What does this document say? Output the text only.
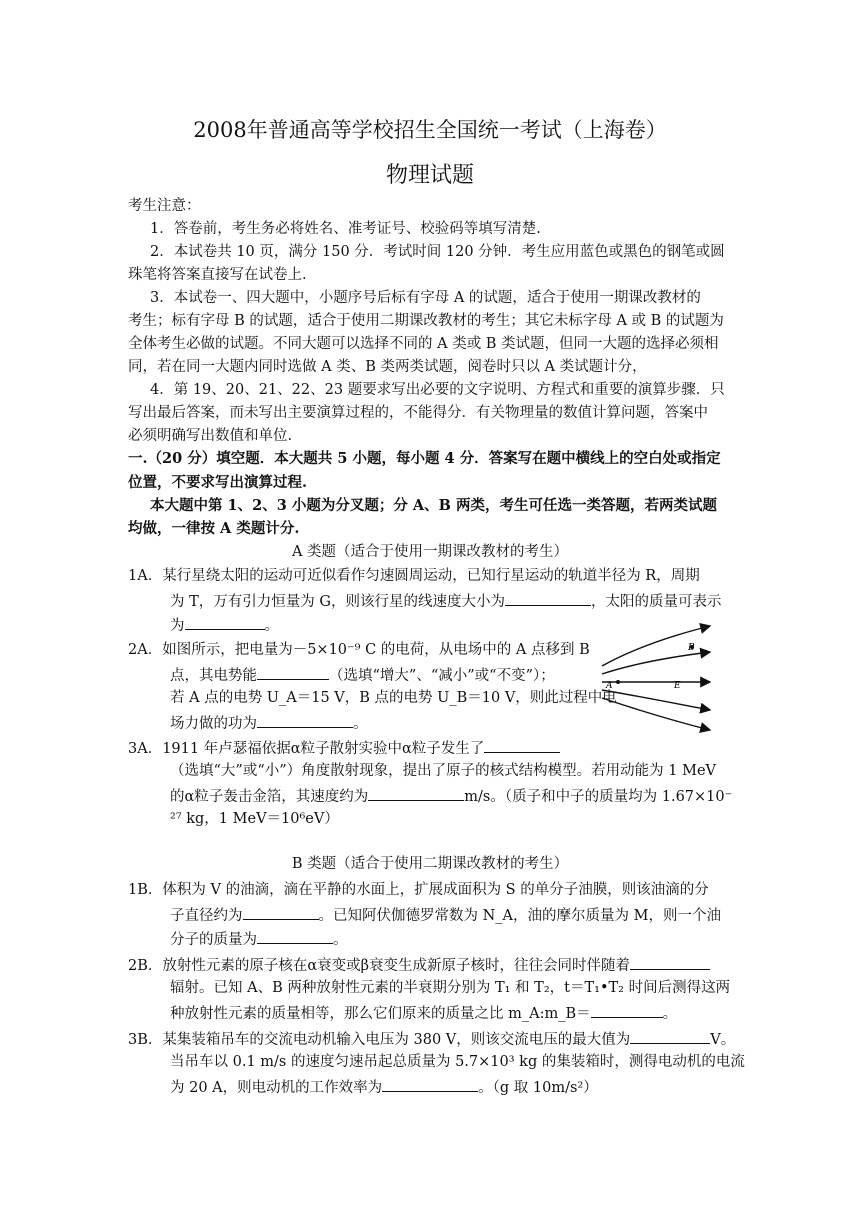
2008年普通高等学校招生全国统一考试（上海卷）
物理试题
考生注意：
1．答卷前，考生务必将姓名、准考证号、校验码等填写清楚.
2．本试卷共 10 页，满分 150 分．考试时间 120 分钟．考生应用蓝色或黑色的钢笔或圆
珠笔将答案直接写在试卷上.
3．本试卷一、四大题中，小题序号后标有字母 A 的试题，适合于使用一期课改教材的
考生；标有字母 B 的试题，适合于使用二期课改教材的考生；其它未标字母 A 或 B 的试题为
全体考生必做的试题。不同大题可以选择不同的 A 类或 B 类试题，但同一大题的选择必须相
同，若在同一大题内同时选做 A 类、B 类两类试题，阅卷时只以 A 类试题计分，
4．第 19、20、21、22、23 题要求写出必要的文字说明、方程式和重要的演算步骤．只
写出最后答案，而未写出主要演算过程的，不能得分．有关物理量的数值计算问题，答案中
必须明确写出数值和单位.
一.（20 分）填空题．本大题共 5 小题，每小题 4 分．答案写在题中横线上的空白处或指定
位置，不要求写出演算过程.
本大题中第 1、2、3 小题为分叉题；分 A、B 两类，考生可任选一类答题，若两类试题
均做，一律按 A 类题计分.
A 类题（适合于使用一期课改教材的考生）
1A．某行星绕太阳的运动可近似看作匀速圆周运动，已知行星运动的轨道半径为 R，周期
为 T，万有引力恒量为 G，则该行星的线速度大小为	，太阳的质量可表示
为	。
2A．如图所示，把电量为－5×10⁻⁹ C 的电荷，从电场中的 A 点移到 B
点，其电势能	（选填“增大”、“减小”或“不变”）；
若 A 点的电势 U_A＝15 V，B 点的电势 U_B＝10 V，则此过程中电
场力做的功为	。
A
B
E
3A．1911 年卢瑟福依据α粒子散射实验中α粒子发生了
（选填“大”或“小”）角度散射现象，提出了原子的核式结构模型。若用动能为 1 MeV
的α粒子轰击金箔，其速度约为	m/s。（质子和中子的质量均为 1.67×10⁻
²⁷ kg，1 MeV＝10⁶eV）
B 类题（适合于使用二期课改教材的考生）
1B．体积为 V 的油滴，滴在平静的水面上，扩展成面积为 S 的单分子油膜，则该油滴的分
子直径约为	。已知阿伏伽德罗常数为 N_A，油的摩尔质量为 M，则一个油
分子的质量为	。
2B．放射性元素的原子核在α衰变或β衰变生成新原子核时，往往会同时伴随着
辐射。已知 A、B 两种放射性元素的半衰期分别为 T₁ 和 T₂，t＝T₁•T₂ 时间后测得这两
种放射性元素的质量相等，那么它们原来的质量之比 m_A:m_B＝	。
3B．某集装箱吊车的交流电动机输入电压为 380 V，则该交流电压的最大值为	V。
当吊车以 0.1 m/s 的速度匀速吊起总质量为 5.7×10³ kg 的集装箱时，测得电动机的电流
为 20 A，则电动机的工作效率为	。（g 取 10m/s²）
